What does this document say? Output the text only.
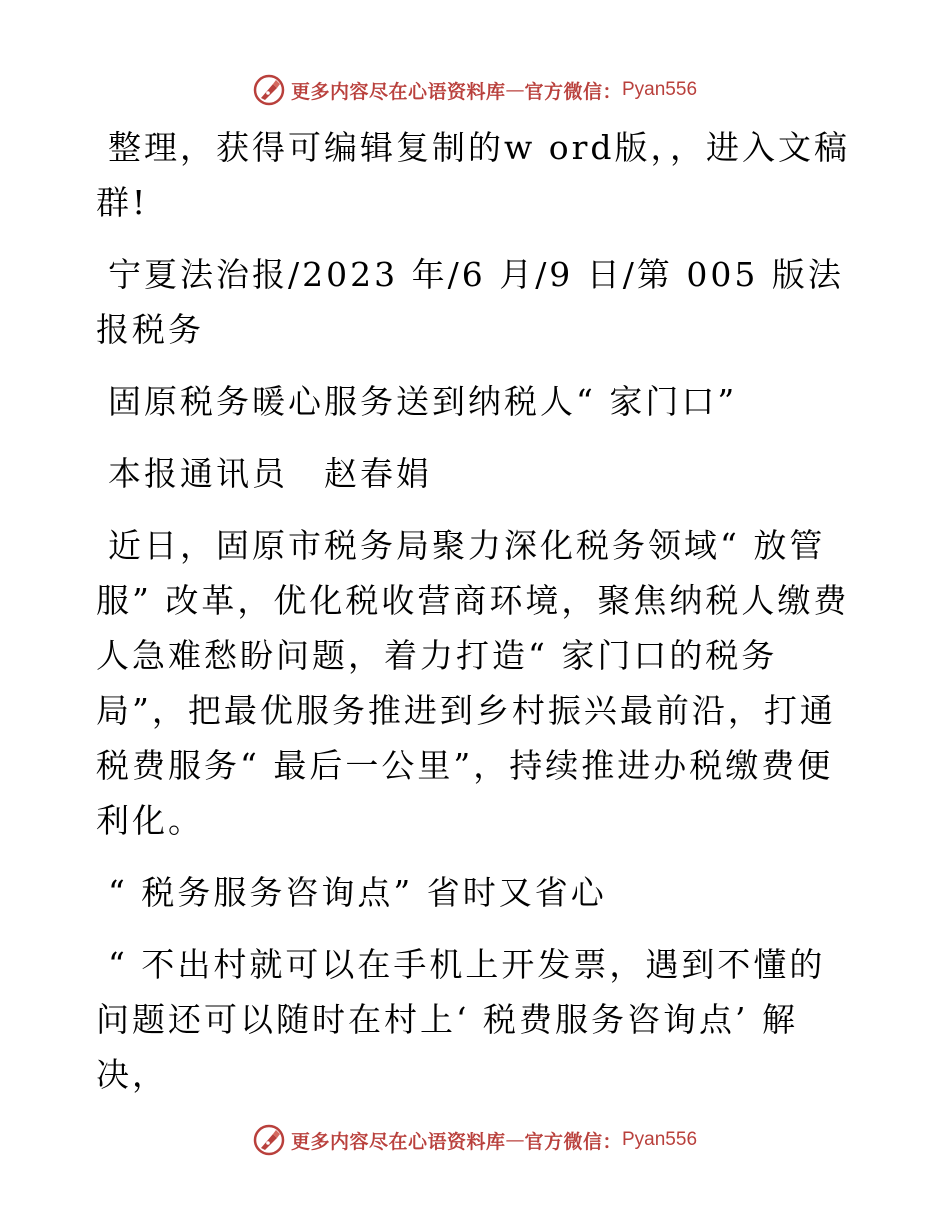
更多内容尽在心语资料库 — 官方微信： Pyan556

整理，获得可编辑复制的w ord版，，进入文稿群!

宁夏法治报/2023 年/6 月/9 日/第 005 版法报税务

固原税务暖心服务送到纳税人“ 家门口”

本报通讯员　赵春娟

近日，固原市税务局聚力深化税务领域“ 放管服” 改革，优化税收营商环境，聚焦纳税人缴费人急难愁盼问题，着力打造“ 家门口的税务局”，把最优服务推进到乡村振兴最前沿，打通税费服务“ 最后一公里”，持续推进办税缴费便利化。

“ 税务服务咨询点” 省时又省心

“ 不出村就可以在手机上开发票，遇到不懂的问题还可以随时在村上‘ 税费服务咨询点’ 解决，

更多内容尽在心语资料库 — 官方微信： Pyan556
